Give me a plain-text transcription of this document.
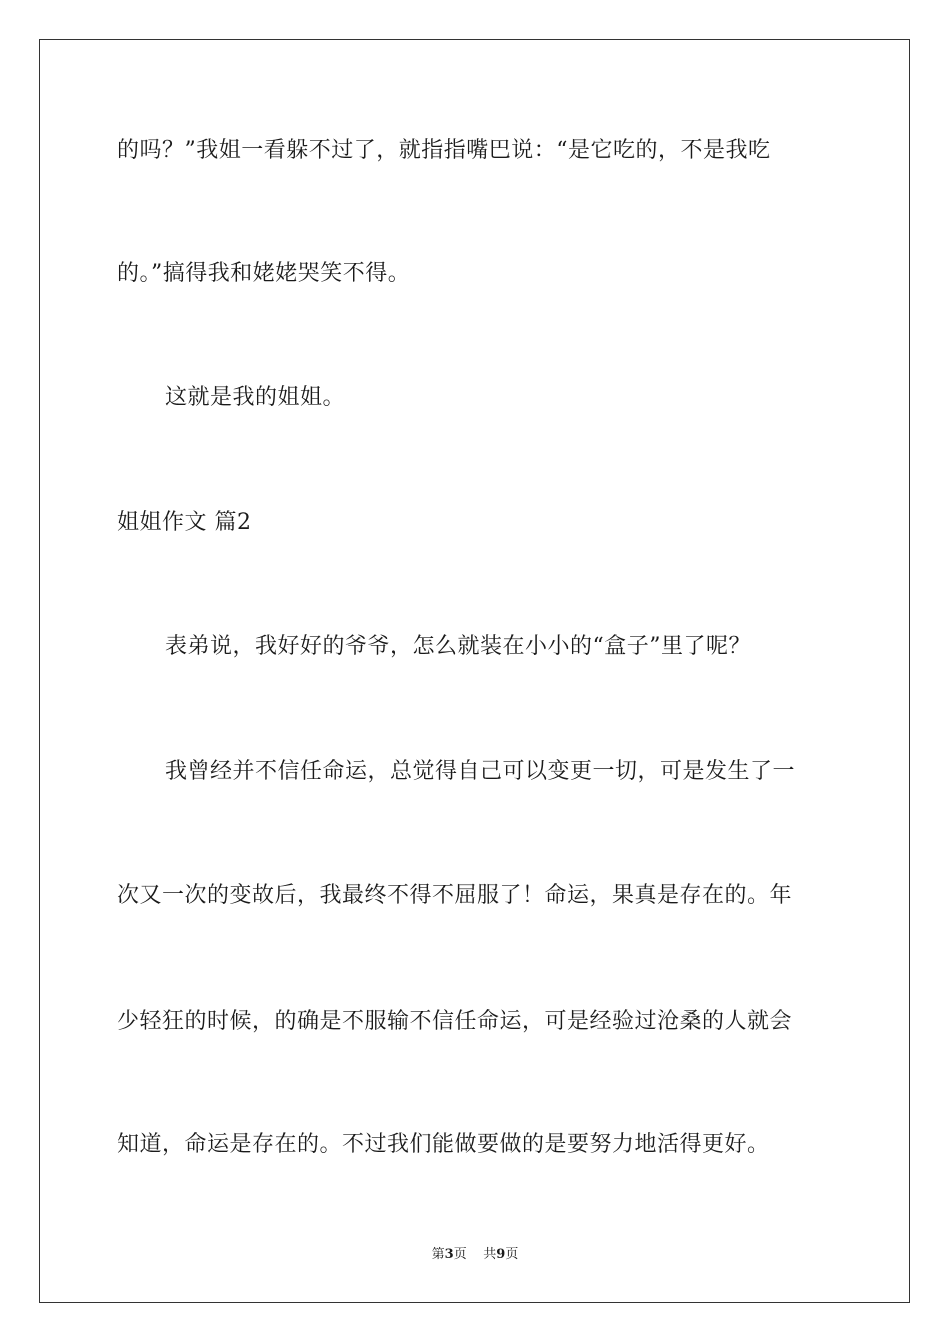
的吗？”我姐一看躲不过了，就指指嘴巴说：“是它吃的，不是我吃
的。”搞得我和姥姥哭笑不得。
这就是我的姐姐。
姐姐作文 篇2
表弟说，我好好的爷爷，怎么就装在小小的“盒子”里了呢？
我曾经并不信任命运，总觉得自己可以变更一切，可是发生了一
次又一次的变故后，我最终不得不屈服了！命运，果真是存在的。年
少轻狂的时候，的确是不服输不信任命运，可是经验过沧桑的人就会
知道，命运是存在的。不过我们能做要做的是要努力地活得更好。
第3页 共9页
